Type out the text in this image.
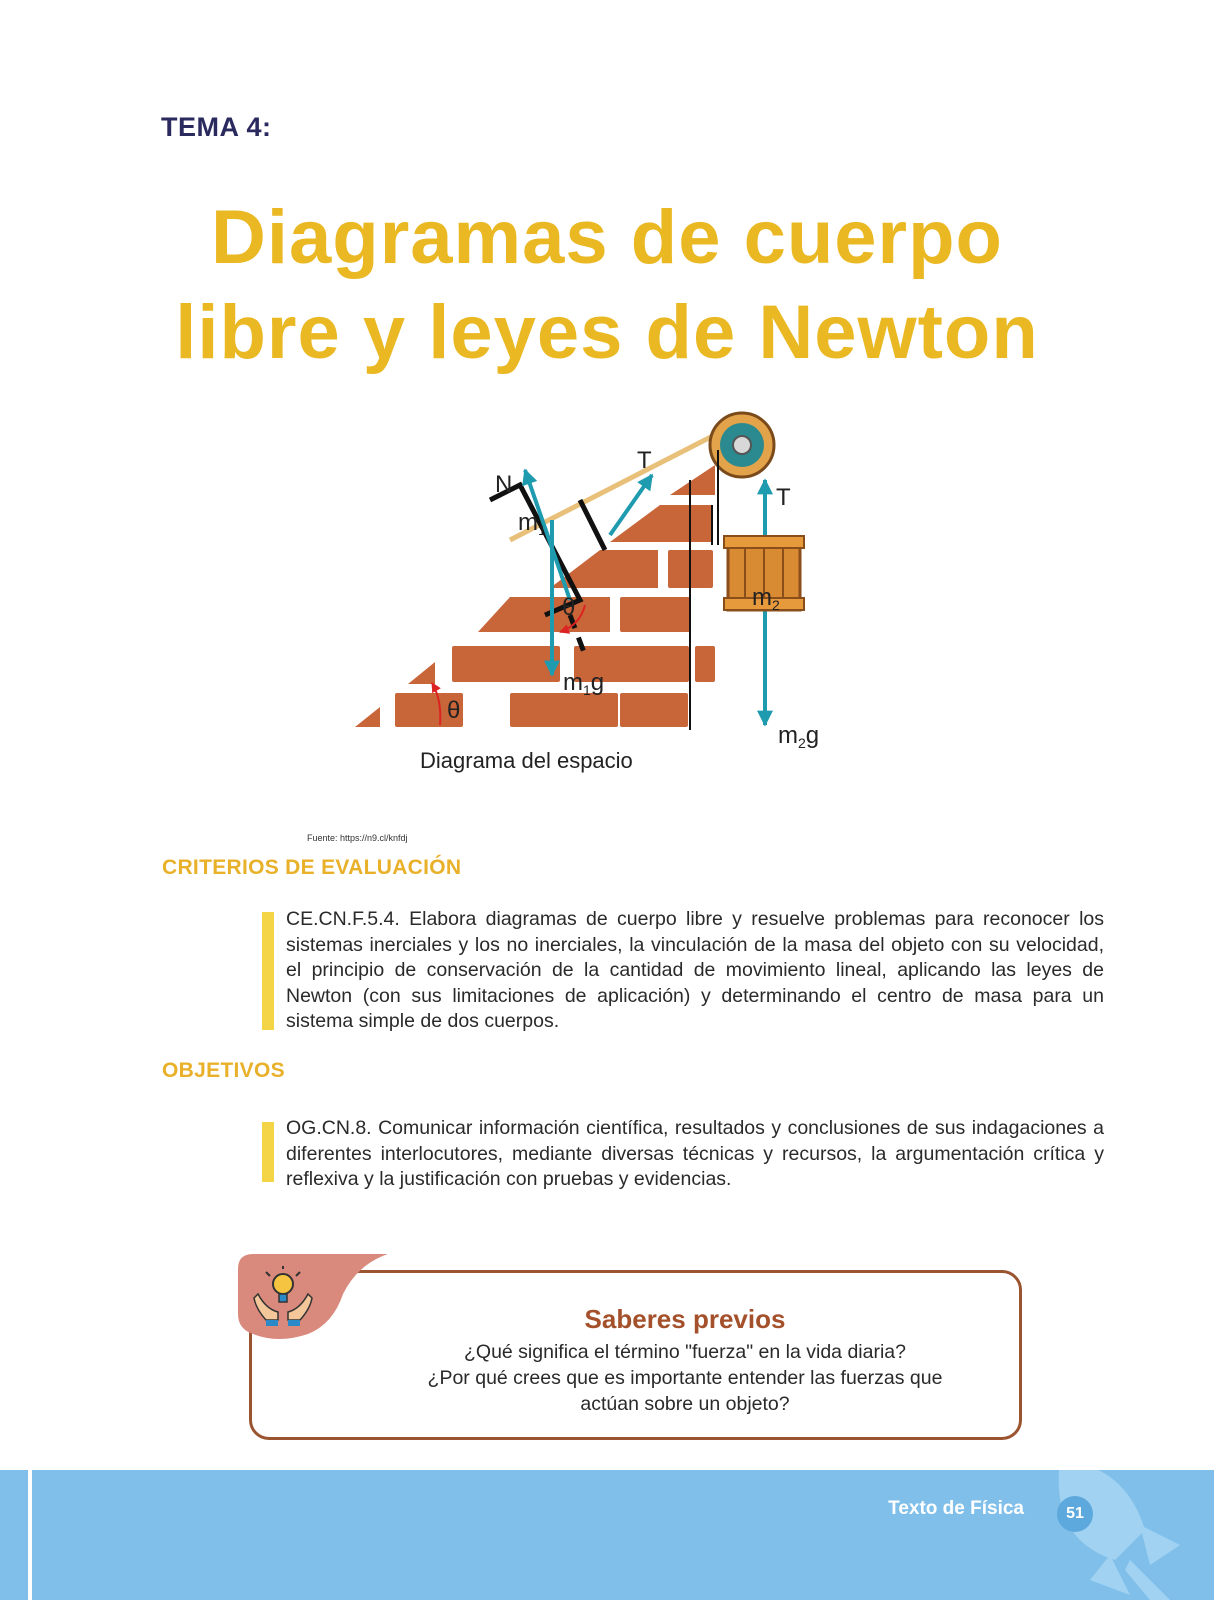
TEMA 4:
Diagramas de cuerpo
libre y leyes de Newton
N
T
T
$m_1$
$m_2$
θ
θ
$m_1g$
$m_2g$
Diagrama del espacio
Fuente: https://n9.cl/knfdj
CRITERIOS DE EVALUACIÓN
CE.CN.F.5.4. Elabora diagramas de cuerpo libre y resuelve problemas para reconocer los sistemas inerciales y los no inerciales, la vinculación de la masa del objeto con su velocidad, el principio de conservación de la cantidad de movimiento lineal, aplicando las leyes de Newton (con sus limitaciones de aplicación) y determinando el centro de masa para un sistema simple de dos cuerpos.
OBJETIVOS
OG.CN.8. Comunicar información científica, resultados y conclusiones de sus indagaciones a diferentes interlocutores, mediante diversas técnicas y recursos, la argumentación crítica y reflexiva y la justificación con pruebas y evidencias.
Saberes previos
¿Qué significa el término "fuerza" en la vida diaria?
¿Por qué crees que es importante entender las fuerzas que
actúan sobre un objeto?
Texto de Física	51
